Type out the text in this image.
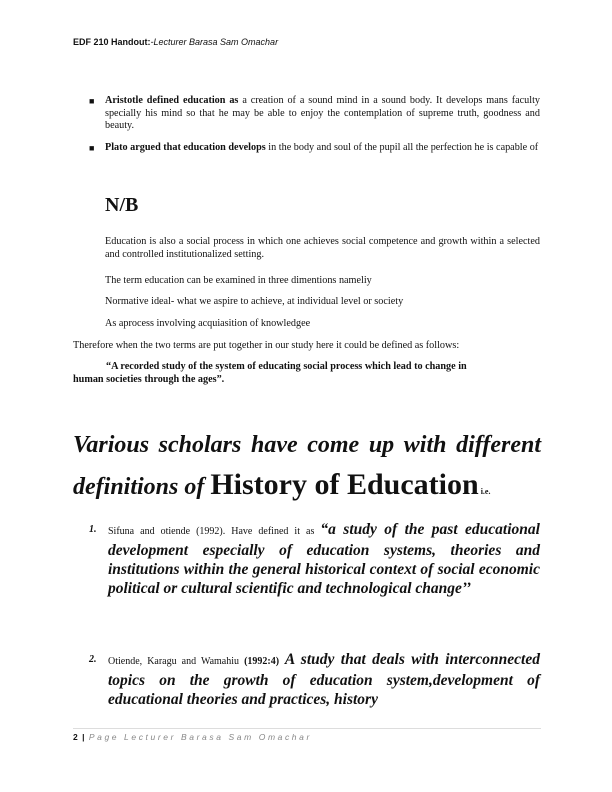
EDF 210 Handout:-Lecturer Barasa Sam Omachar
■ Aristotle defined education as a creation of a sound mind in a sound body. It develops mans faculty specially his mind so that he may be able to enjoy the contemplation of supreme truth, goodness and beauty.
■ Plato argued that education develops in the body and soul of the pupil all the perfection he is capable of
N/B
Education is also a social process in which one achieves social competence and growth within a selected and controlled institutionalized setting.
The term education can be examined in three dimentions nameliy
Normative ideal- what we aspire to achieve, at individual level or society
As aprocess involving acquiasition of knowledgee
Therefore when the two terms are put together in our study here it could be defined as follows:
“A recorded study of the system of educating social process which lead to change in
human societies through the ages”.
Various scholars have come up with different definitions of History of Education i.e.
1. Sifuna and otiende (1992). Have defined it as “a study of the past educational development especially of education systems, theories and institutions within the general historical context of social economic political or cultural scientific and technological change’’
2. Otiende, Karagu and Wamahiu (1992:4) A study that deals with interconnected topics on the growth of education system,development of educational theories and practices, history
2 | Page Lecturer Barasa Sam Omachar
